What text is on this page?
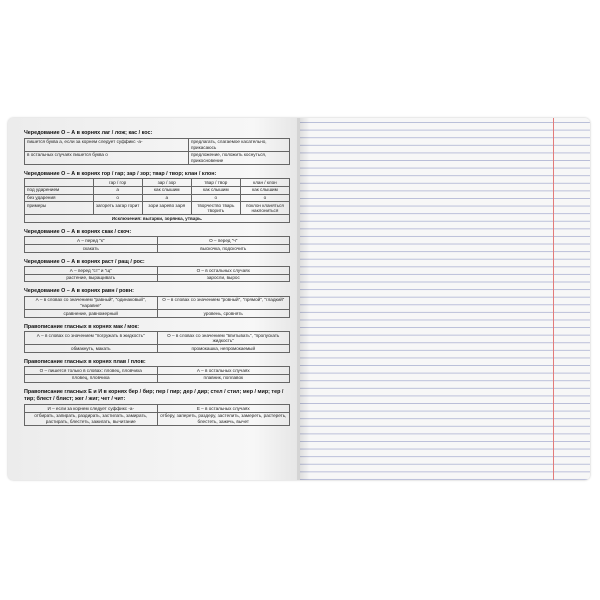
Чередование О – А в корнях лаг / лож; кас / кос:
пишется буква а, если за корнем следует суффикс -а-	предлагать, слагаемое касательно, прикасаюсь
в остальных случаях пишется буква о	предложение, положить коснуться, прикосновение
Чередование О – А в корнях гор / гар; зар / зор; твар / твор; клан / клон:
	гар / гор	зар / зор	твар / твор	клан / клон
под ударением	а	как слышим	как слышим	как слышим
без ударения	о	а	о	о
примеры	загореть загар горит	зори зарево заря	творчество тварь творить	поклон кланяться наклониться
Исключения: выгарки, зорянка, утварь.				
Чередование О – А в корнях скак / скоч:
А – перед "к"	О – перед "ч"
скакать	выскочка, подскочить
Чередование О – А в корнях раст / ращ / рос:
А – перед "ст" и "щ"	О – в остальных случаях
растение, выращивать	заросли, вырос
Чередование О – А в корнях равн / ровн:
А – в словах со значением "равный", "одинаковый", "наравне"	О – в словах со значением "ровный", "прямой", "гладкий"
сравнение, равномерный	уровень, сровнять
Правописание гласных в корнях мак / мок:
А – в словах со значением "погружать в жидкость"	О – в словах со значением "впитывать", "пропускать жидкость"
обмакнуть, макать	промокашка, непромокаемый
Правописание гласных в корнях плав / плов:
О – пишется только в словах: пловец, пловчиха	А – в остальных случаях
пловец, пловчиха	плавник, поплавок
Правописание гласных Е и И в корнях бер / бир; пер / пир; дер / дир; стел / стил; мер / мир; тер / тир; блест / блист; жег / жиг; чет / чит:
И – если за корнем следует суффикс -а-	Е – в остальных случаях
отбирать, запирать, раздирать, застилать, замирать, растирать, блестеть, зажигать, вычитание	отберу, запереть, раздеру, застелить, замереть, растереть, блестеть, зажечь, вычет
